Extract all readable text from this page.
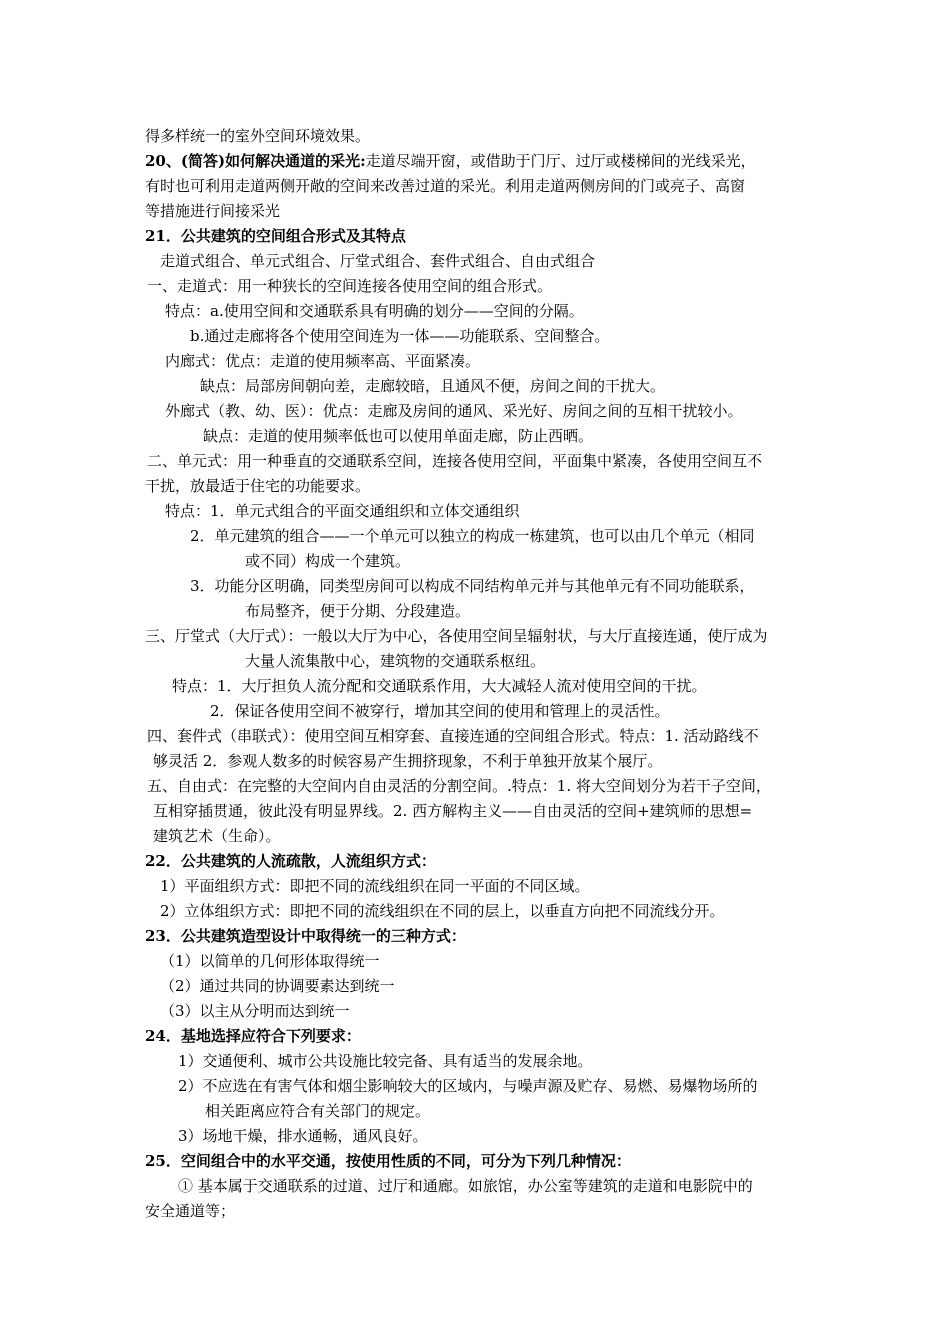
得多样统一的室外空间环境效果。
20、(简答)如何解决通道的采光:走道尽端开窗，或借助于门厅、过厅或楼梯间的光线采光，
有时也可利用走道两侧开敞的空间来改善过道的采光。利用走道两侧房间的门或亮子、高窗
等措施进行间接采光
21．公共建筑的空间组合形式及其特点
走道式组合、单元式组合、厅堂式组合、套件式组合、自由式组合
一、走道式：用一种狭长的空间连接各使用空间的组合形式。
特点：a.使用空间和交通联系具有明确的划分——空间的分隔。
b.通过走廊将各个使用空间连为一体——功能联系、空间整合。
内廊式：优点：走道的使用频率高、平面紧凑。
缺点：局部房间朝向差，走廊较暗，且通风不便，房间之间的干扰大。
外廊式（教、幼、医）：优点：走廊及房间的通风、采光好、房间之间的互相干扰较小。
缺点：走道的使用频率低也可以使用单面走廊，防止西晒。
二、单元式：用一种垂直的交通联系空间，连接各使用空间，平面集中紧凑，各使用空间互不
干扰，放最适于住宅的功能要求。
特点：1．单元式组合的平面交通组织和立体交通组织
2．单元建筑的组合——一个单元可以独立的构成一栋建筑，也可以由几个单元（相同
或不同）构成一个建筑。
3．功能分区明确，同类型房间可以构成不同结构单元并与其他单元有不同功能联系，
布局整齐，便于分期、分段建造。
三、厅堂式（大厅式）：一般以大厅为中心，各使用空间呈辐射状，与大厅直接连通，使厅成为
大量人流集散中心，建筑物的交通联系枢纽。
特点：1．大厅担负人流分配和交通联系作用，大大减轻人流对使用空间的干扰。
2．保证各使用空间不被穿行，增加其空间的使用和管理上的灵活性。
四、套件式（串联式）：使用空间互相穿套、直接连通的空间组合形式。特点：1. 活动路线不
够灵活 2．参观人数多的时候容易产生拥挤现象，不利于单独开放某个展厅。
五、自由式：在完整的大空间内自由灵活的分割空间。.特点：1. 将大空间划分为若干子空间，
互相穿插贯通，彼此没有明显界线。2. 西方解构主义——自由灵活的空间+建筑师的思想=
建筑艺术（生命）。
22．公共建筑的人流疏散，人流组织方式：
1）平面组织方式：即把不同的流线组织在同一平面的不同区域。
2）立体组织方式：即把不同的流线组织在不同的层上，以垂直方向把不同流线分开。
23．公共建筑造型设计中取得统一的三种方式：
（1）以简单的几何形体取得统一
（2）通过共同的协调要素达到统一
（3）以主从分明而达到统一
24．基地选择应符合下列要求：
1）交通便利、城市公共设施比较完备、具有适当的发展余地。
2）不应选在有害气体和烟尘影响较大的区域内，与噪声源及贮存、易燃、易爆物场所的
相关距离应符合有关部门的规定。
3）场地干燥，排水通畅，通风良好。
25．空间组合中的水平交通，按使用性质的不同，可分为下列几种情况：
① 基本属于交通联系的过道、过厅和通廊。如旅馆，办公室等建筑的走道和电影院中的
安全通道等；
